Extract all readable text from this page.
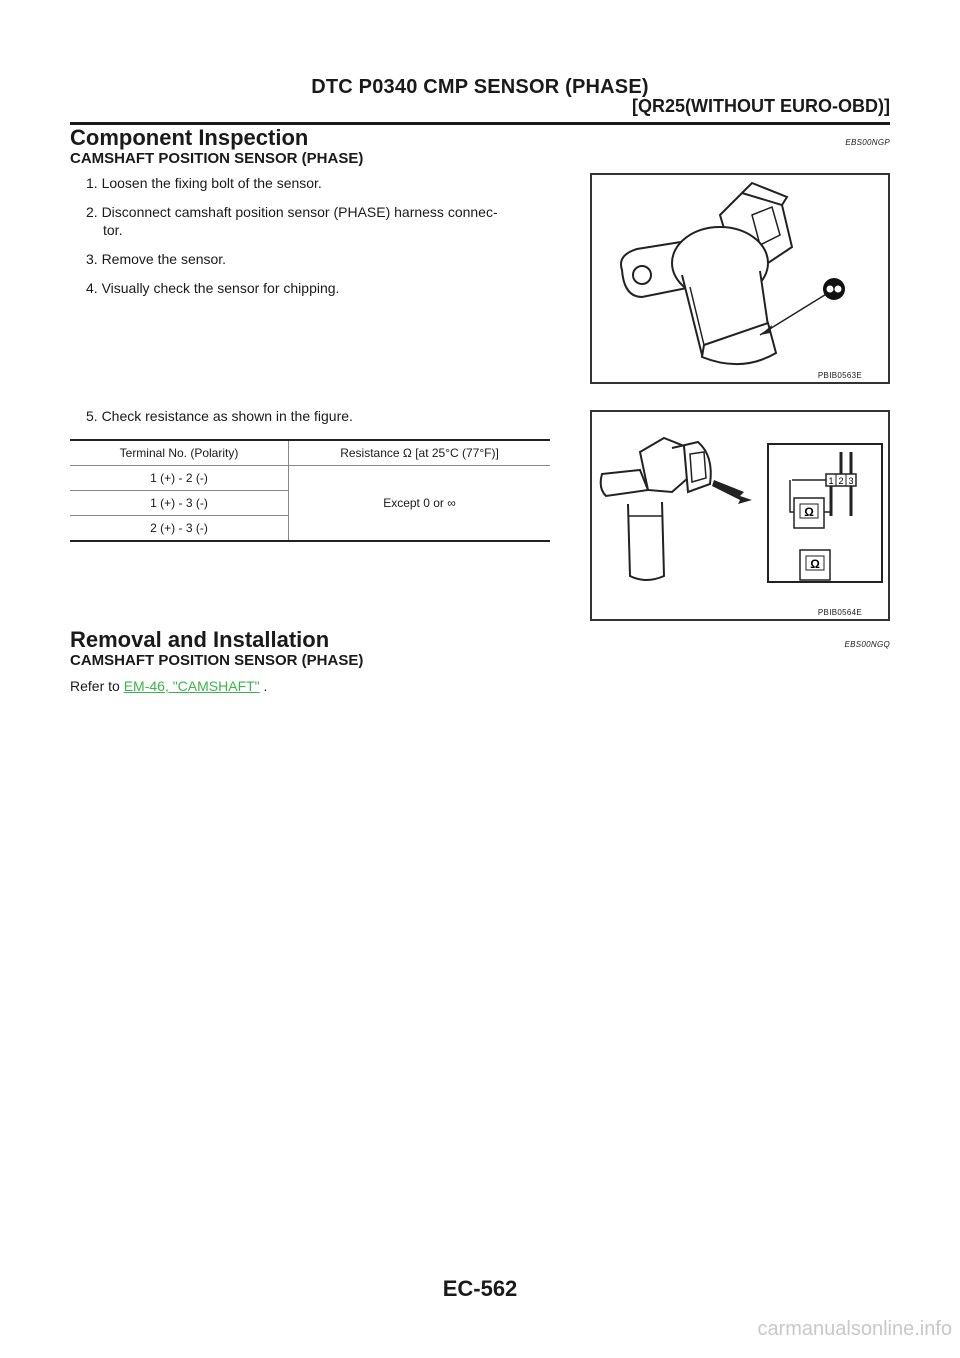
DTC P0340 CMP SENSOR (PHASE)
[QR25(WITHOUT EURO-OBD)]
Component Inspection	EBS00NGP
CAMSHAFT POSITION SENSOR (PHASE)
1. Loosen the fixing bolt of the sensor.
2. Disconnect camshaft position sensor (PHASE) harness connec-
tor.
3. Remove the sensor.
4. Visually check the sensor for chipping.
PBIB0563E
5. Check resistance as shown in the figure.
Terminal No. (Polarity)	Resistance Ω [at 25°C (77°F)]
1 (+) - 2 (-)	Except 0 or ∞
1 (+) - 3 (-)	
2 (+) - 3 (-)	
1 2 3
Ω
Ω
PBIB0564E
Removal and Installation	EBS00NGQ
CAMSHAFT POSITION SENSOR (PHASE)
Refer to EM-46, "CAMSHAFT" .
EC-562
carmanualsonline.info
